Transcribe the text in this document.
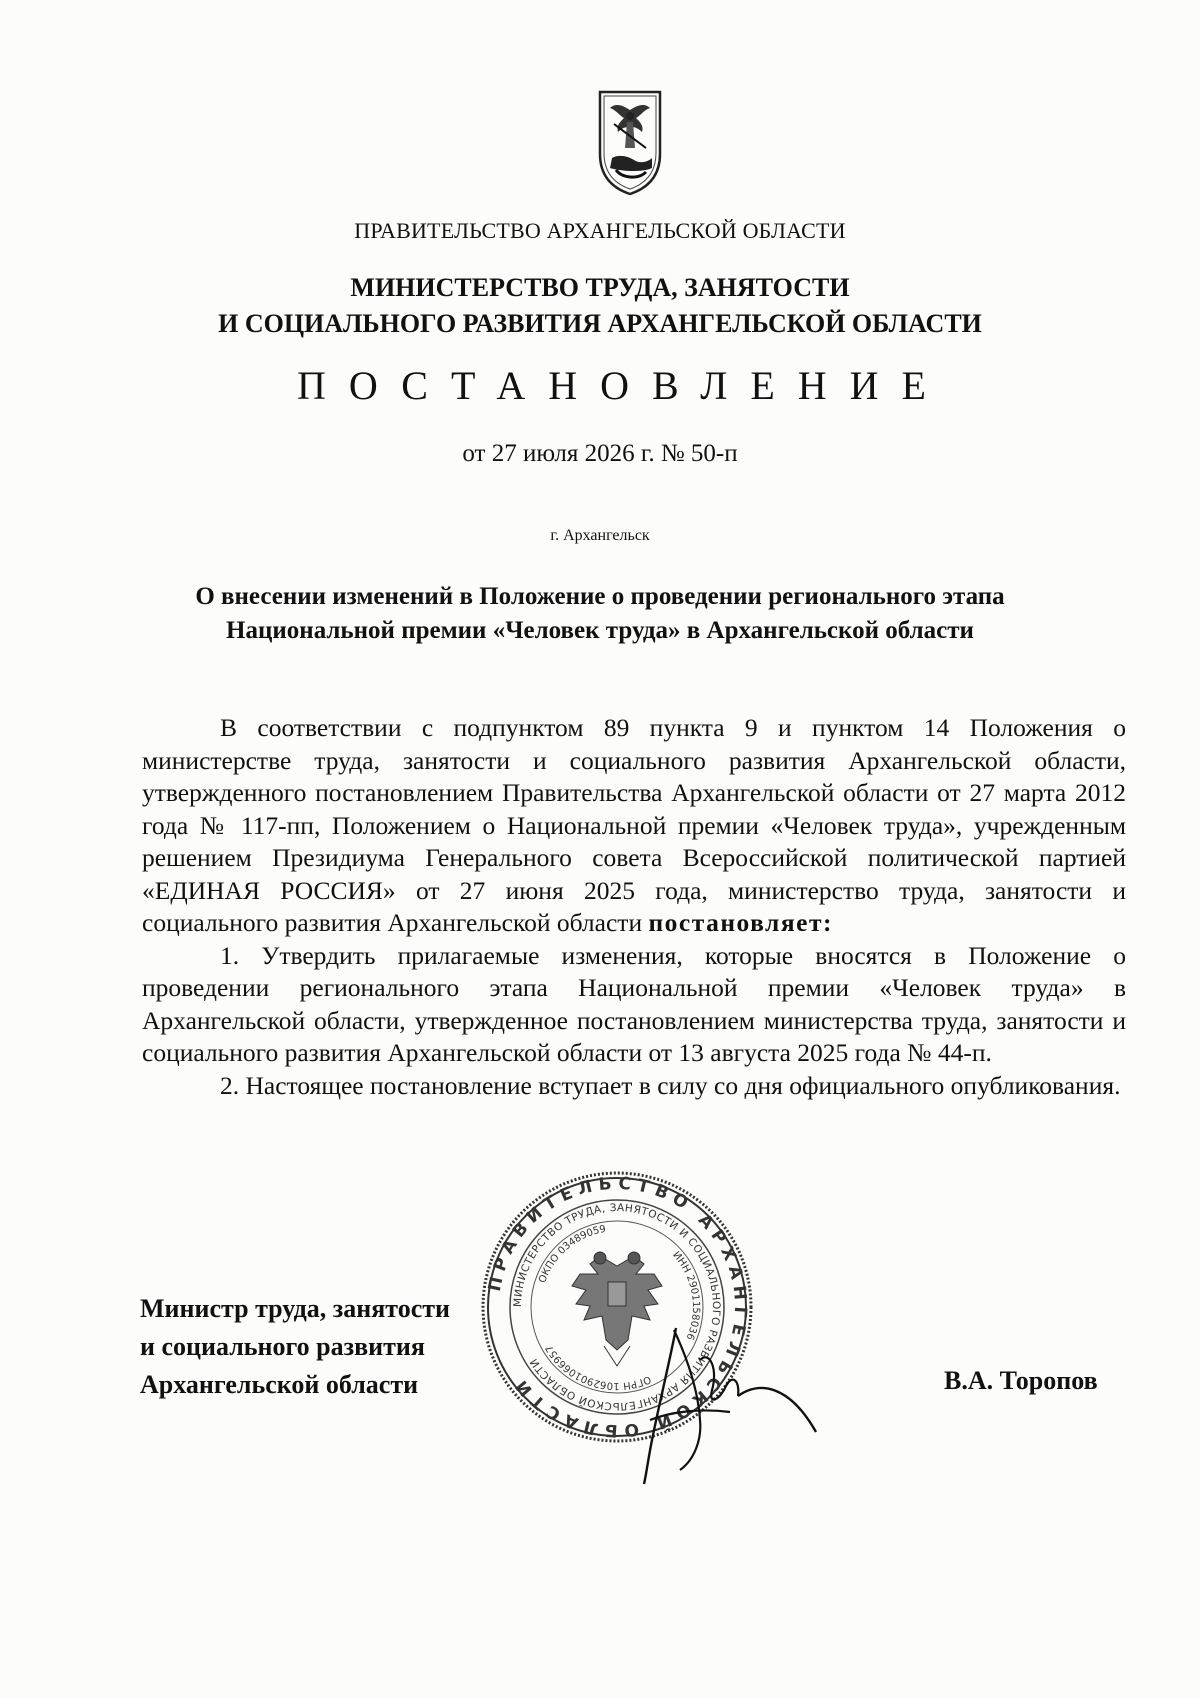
ПРАВИТЕЛЬСТВО АРХАНГЕЛЬСКОЙ ОБЛАСТИ
МИНИСТЕРСТВО ТРУДА, ЗАНЯТОСТИ
И СОЦИАЛЬНОГО РАЗВИТИЯ АРХАНГЕЛЬСКОЙ ОБЛАСТИ
ПОСТАНОВЛЕНИЕ
от 27 июля 2026 г. № 50-п
г. Архангельск
О внесении изменений в Положение о проведении регионального этапа
Национальной премии «Человек труда» в Архангельской области

В соответствии с подпунктом 89 пункта 9 и пунктом 14 Положения о министерстве труда, занятости и социального развития Архангельской области, утвержденного постановлением Правительства Архангельской области от 27 марта 2012 года № 117-пп, Положением о Национальной премии «Человек труда», учрежденным решением Президиума Генерального совета Всероссийской политической партией «ЕДИНАЯ РОССИЯ» от 27 июня 2025 года, министерство труда, занятости и социального развития Архангельской области постановляет:

1. Утвердить прилагаемые изменения, которые вносятся в Положение о проведении регионального этапа Национальной премии «Человек труда» в Архангельской области, утвержденное постановлением министерства труда, занятости и социального развития Архангельской области от 13 августа 2025 года № 44-п.

2. Настоящее постановление вступает в силу со дня официального опубликования.

ПРАВИТЕЛЬСТВО АРХАНГЕЛЬСКОЙ ОБЛАСТИ
МИНИСТЕРСТВО ТРУДА, ЗАНЯТОСТИ И СОЦИАЛЬНОГО РАЗВИТИЯ АРХАНГЕЛЬСКОЙ ОБЛАСТИ
ОКПО 03489059
ИНН 2901158036
ОГРН 1062901066957
Министр труда, занятости
и социального развития
Архангельской области	В.А. Торопов
